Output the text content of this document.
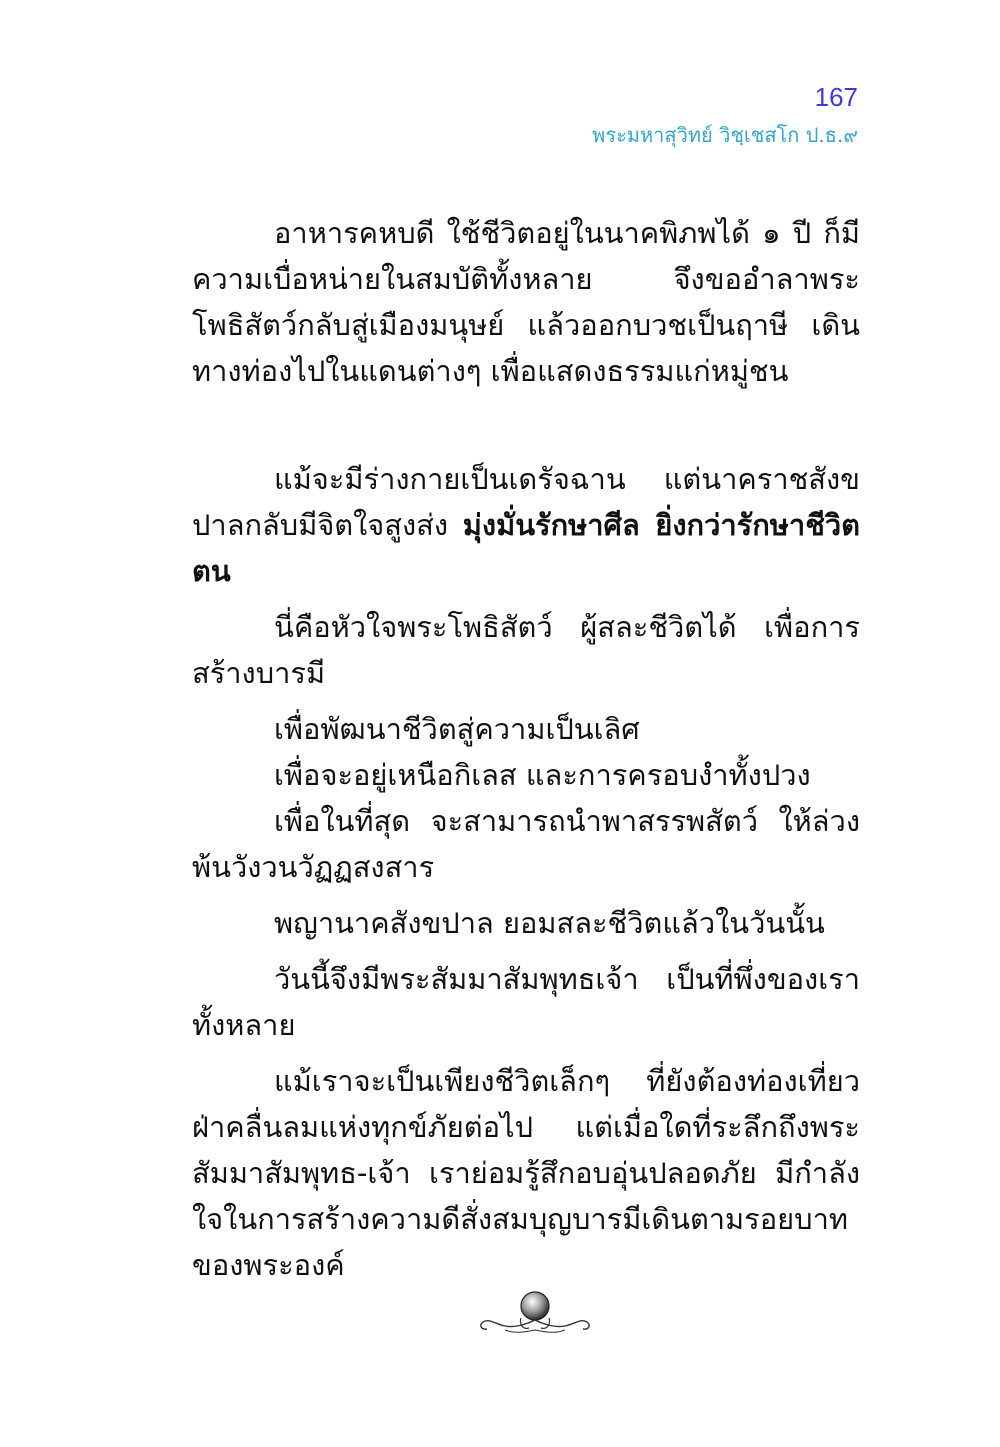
167
พระมหาสุวิทย์ วิชฺเชสโก ป.ธ.๙

อาหารคหบดี ใช้ชีวิตอยู่ในนาคพิภพได้ ๑ ปี ก็มีความเบื่อหน่ายในสมบัติทั้งหลาย จึงขออำลาพระโพธิสัตว์กลับสู่เมืองมนุษย์ แล้วออกบวชเป็นฤาษี เดินทางท่องไปในแดนต่างๆ เพื่อแสดงธรรมแก่หมู่ชน

แม้จะมีร่างกายเป็นเดรัจฉาน แต่นาคราชสังขปาลกลับมีจิตใจสูงส่ง มุ่งมั่นรักษาศีล ยิ่งกว่ารักษาชีวิตตน

นี่คือหัวใจพระโพธิสัตว์ ผู้สละชีวิตได้ เพื่อการสร้างบารมี

เพื่อพัฒนาชีวิตสู่ความเป็นเลิศ

เพื่อจะอยู่เหนือกิเลส และการครอบงำทั้งปวง

เพื่อในที่สุด จะสามารถนำพาสรรพสัตว์ ให้ล่วงพ้นวังวนวัฏฏสงสาร

พญานาคสังขปาล ยอมสละชีวิตแล้วในวันนั้น

วันนี้จึงมีพระสัมมาสัมพุทธเจ้า เป็นที่พึ่งของเราทั้งหลาย

แม้เราจะเป็นเพียงชีวิตเล็กๆ ที่ยังต้องท่องเที่ยวฝ่าคลื่นลมแห่งทุกข์ภัยต่อไป แต่เมื่อใดที่ระลึกถึงพระสัมมาสัมพุทธ-เจ้า เราย่อมรู้สึกอบอุ่นปลอดภัย มีกำลังใจในการสร้างความดีสั่งสมบุญบารมีเดินตามรอยบาทของพระองค์
